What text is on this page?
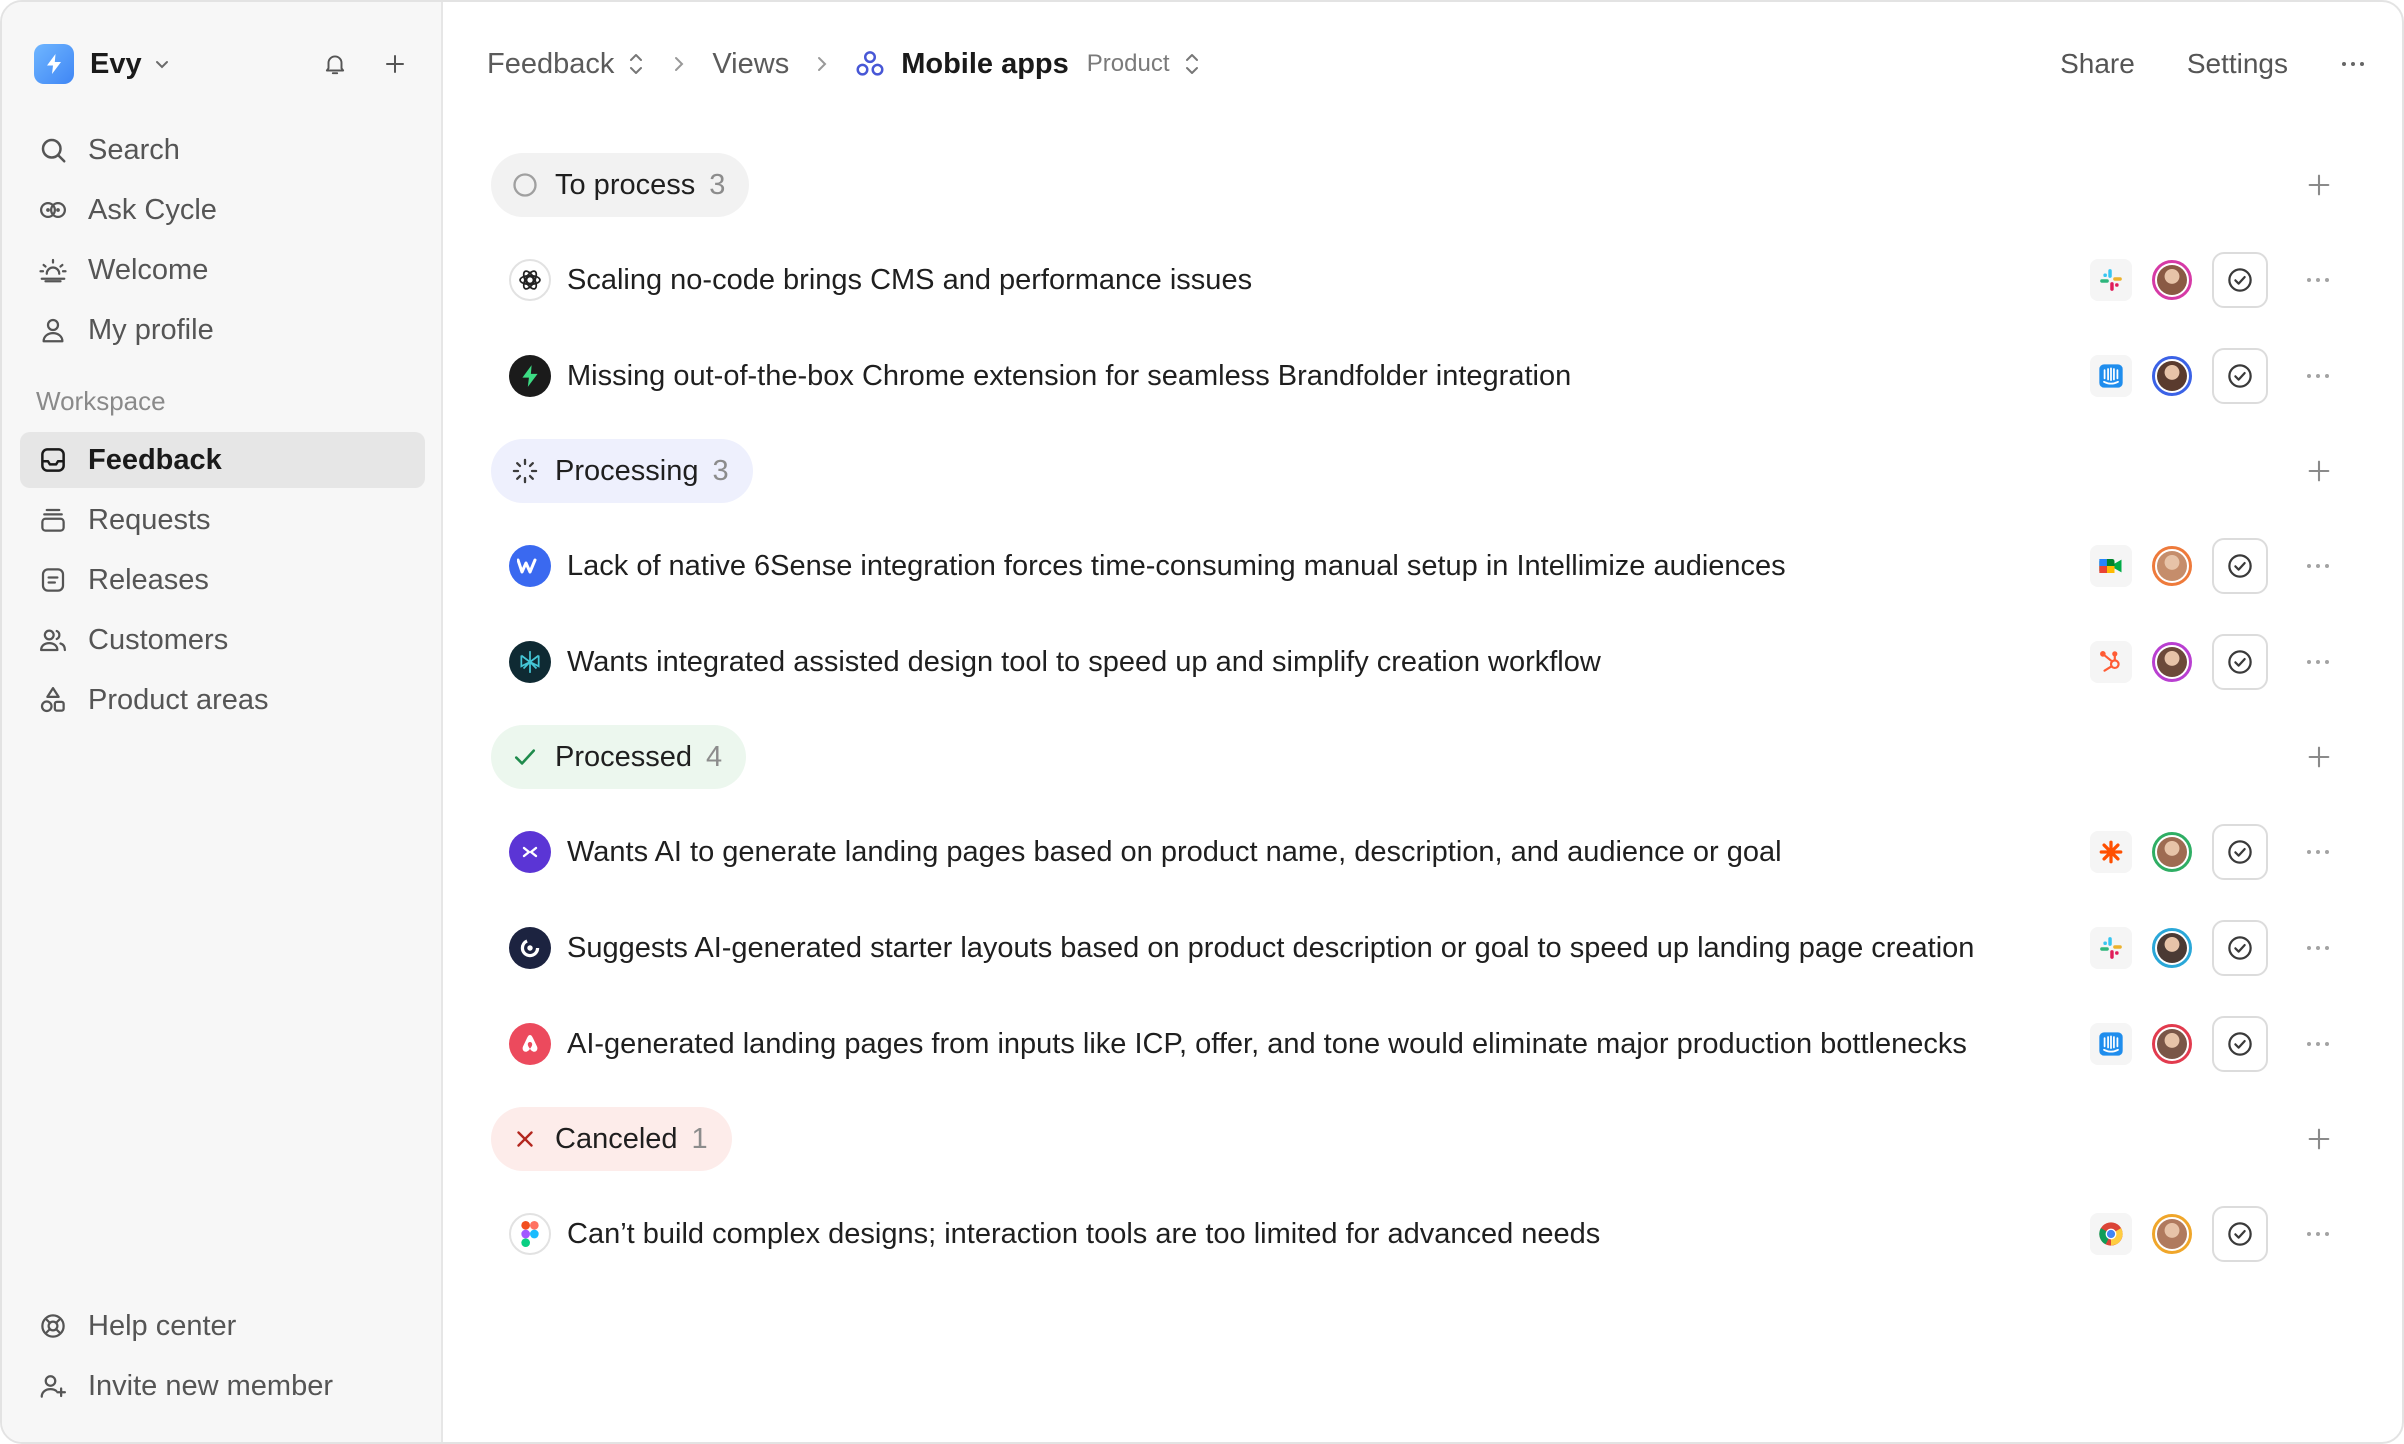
Evy
Search
Ask Cycle
Welcome
My profile
Workspace
Feedback
Requests
Releases
Customers
Product areas
Help center
Invite new member
Feedback	Views	Mobile apps Product	Share Settings
To process 3
Scaling no-code brings CMS and performance issues
Missing out-of-the-box Chrome extension for seamless Brandfolder integration
Processing 3
Lack of native 6Sense integration forces time-consuming manual setup in Intellimize audiences
Wants integrated assisted design tool to speed up and simplify creation workflow
Processed 4
Wants AI to generate landing pages based on product name, description, and audience or goal
Suggests AI-generated starter layouts based on product description or goal to speed up landing page creation
AI-generated landing pages from inputs like ICP, offer, and tone would eliminate major production bottlenecks
Canceled 1
Can’t build complex designs; interaction tools are too limited for advanced needs
